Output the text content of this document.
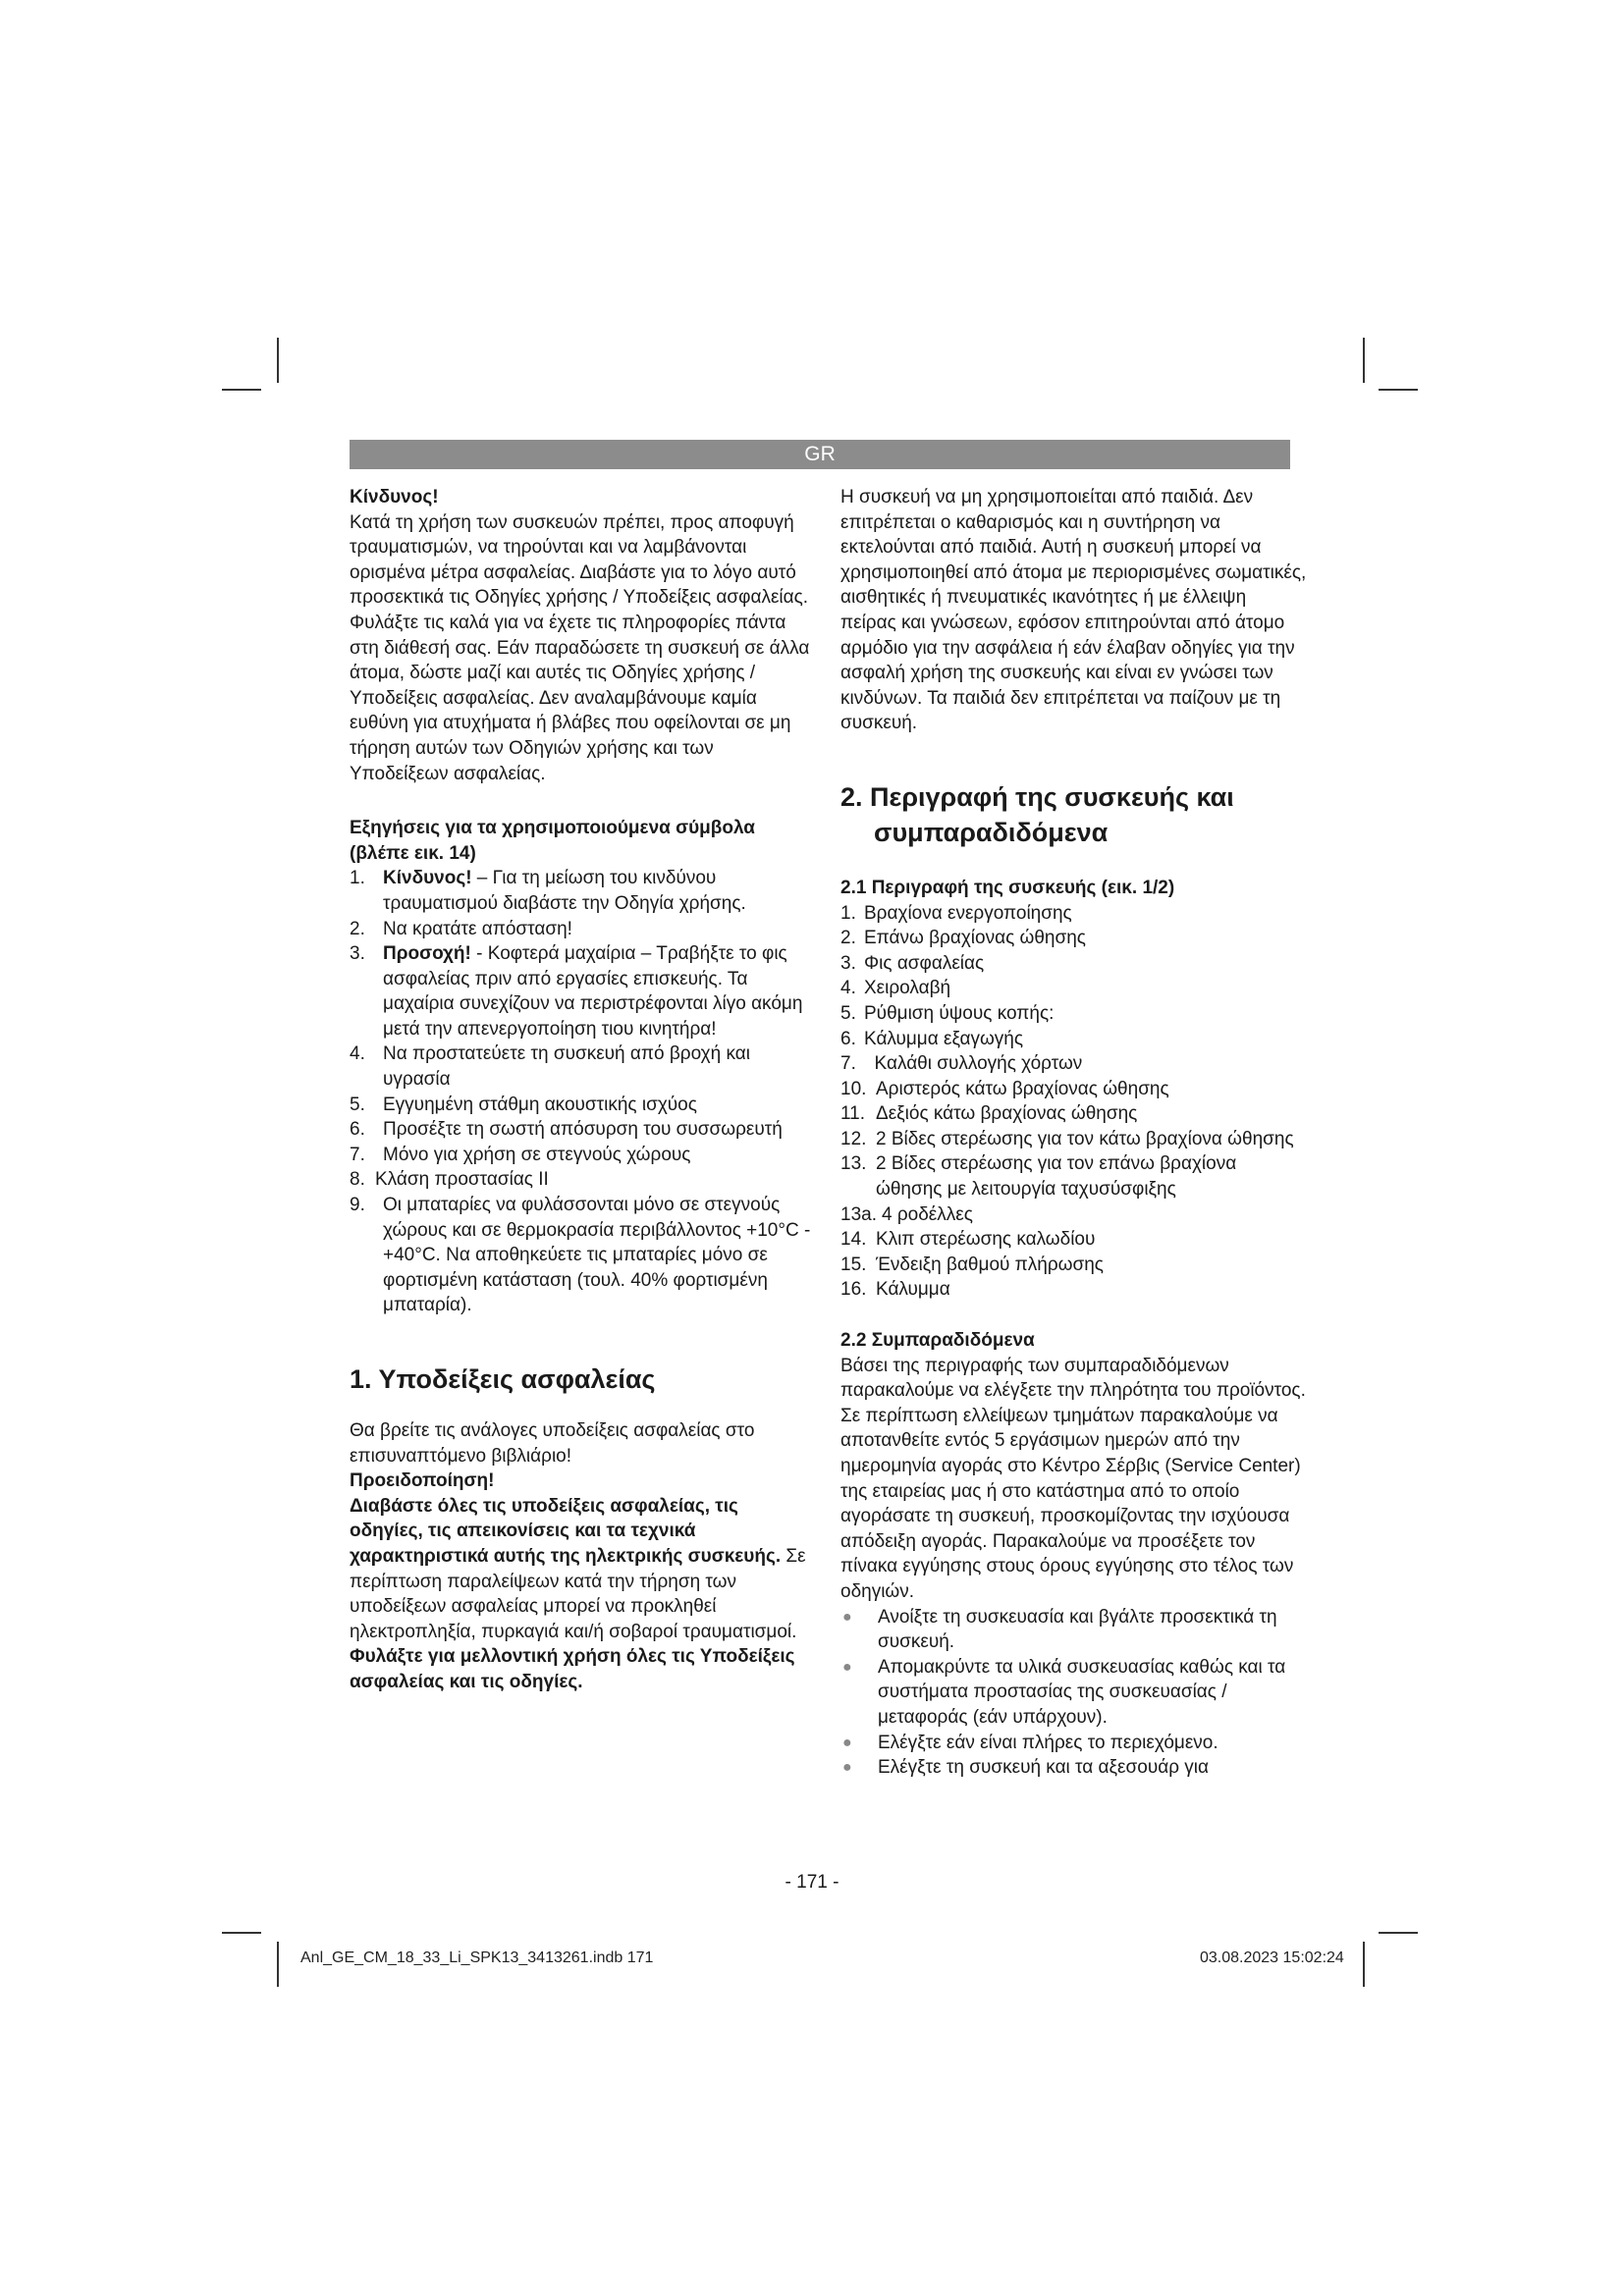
GR

Κίνδυνος!

Κατά τη χρήση των συσκευών πρέπει, προς αποφυγή τραυματισμών, να τηρούνται και να λαμβάνονται ορισμένα μέτρα ασφαλείας. Διαβάστε για το λόγο αυτό προσεκτικά τις Οδηγίες χρήσης / Υποδείξεις ασφαλείας. Φυλάξτε τις καλά για να έχετε τις πληροφορίες πάντα στη διάθεσή σας. Εάν παραδώσετε τη συσκευή σε άλλα άτομα, δώστε μαζί και αυτές τις Οδηγίες χρήσης / Υποδείξεις ασφαλείας. Δεν αναλαμβάνουμε καμία ευθύνη για ατυχήματα ή βλάβες που οφείλονται σε μη τήρηση αυτών των Οδηγιών χρήσης και των Υποδείξεων ασφαλείας.

Εξηγήσεις για τα χρησιμοποιούμενα σύμβολα (βλέπε εικ. 14)

1. Κίνδυνος! – Για τη μείωση του κινδύνου τραυματισμού διαβάστε την Οδηγία χρήσης.
2. Να κρατάτε απόσταση!
3. Προσοχή! - Κοφτερά μαχαίρια – Τραβήξτε το φις ασφαλείας πριν από εργασίες επισκευής. Τα μαχαίρια συνεχίζουν να περιστρέφονται λίγο ακόμη μετά την απενεργοποίηση τιου κινητήρα!
4. Να προστατεύετε τη συσκευή από βροχή και υγρασία
5. Εγγυημένη στάθμη ακουστικής ισχύος
6. Προσέξτε τη σωστή απόσυρση του συσσωρευτή
7. Μόνο για χρήση σε στεγνούς χώρους
8. Κλάση προστασίας II
9. Οι μπαταρίες να φυλάσσονται μόνο σε στεγνούς χώρους και σε θερμοκρασία περιβάλλοντος +10°C - +40°C. Να αποθηκεύετε τις μπαταρίες μόνο σε φορτισμένη κατάσταση (τουλ. 40% φορτισμένη μπαταρία).
1. Υποδείξεις ασφαλείας

Θα βρείτε τις ανάλογες υποδείξεις ασφαλείας στο επισυναπτόμενο βιβλιάριο!

Προειδοποίηση!

Διαβάστε όλες τις υποδείξεις ασφαλείας, τις οδηγίες, τις απεικονίσεις και τα τεχνικά χαρακτηριστικά αυτής της ηλεκτρικής συσκευής. Σε περίπτωση παραλείψεων κατά την τήρηση των υποδείξεων ασφαλείας μπορεί να προκληθεί ηλεκτροπληξία, πυρκαγιά και/ή σοβαροί τραυματισμοί.

Φυλάξτε για μελλοντική χρήση όλες τις Υποδείξεις ασφαλείας και τις οδηγίες.

Η συσκευή να μη χρησιμοποιείται από παιδιά. Δεν επιτρέπεται ο καθαρισμός και η συντήρηση να εκτελούνται από παιδιά. Αυτή η συσκευή μπορεί να χρησιμοποιηθεί από άτομα με περιορισμένες σωματικές, αισθητικές ή πνευματικές ικανότητες ή με έλλειψη πείρας και γνώσεων, εφόσον επιτηρούνται από άτομο αρμόδιο για την ασφάλεια ή εάν έλαβαν οδηγίες για την ασφαλή χρήση της συσκευής και είναι εν γνώσει των κινδύνων. Τα παιδιά δεν επιτρέπεται να παίζουν με τη συσκευή.

2. Περιγραφή της συσκευής και
συμπαραδιδόμενα

2.1 Περιγραφή της συσκευής (εικ. 1/2)

1. Βραχίονα ενεργοποίησης
2. Επάνω βραχίονας ώθησης
3. Φις ασφαλείας
4. Χειρολαβή
5. Ρύθμιση ύψους κοπής:
6. Κάλυμμα εξαγωγής
7. Καλάθι συλλογής χόρτων
10. Αριστερός κάτω βραχίονας ώθησης
11. Δεξιός κάτω βραχίονας ώθησης
12. 2 Βίδες στερέωσης για τον κάτω βραχίονα ώθησης
13. 2 Βίδες στερέωσης για τον επάνω βραχίονα ώθησης με λειτουργία ταχυσύσφιξης
13a. 4 ροδέλλες
14. Κλιπ στερέωσης καλωδίου
15. Ένδειξη βαθμού πλήρωσης
16. Κάλυμμα

2.2 Συμπαραδιδόμενα

Βάσει της περιγραφής των συμπαραδιδόμενων παρακαλούμε να ελέγξετε την πληρότητα του προϊόντος. Σε περίπτωση ελλείψεων τμημάτων παρακαλούμε να αποτανθείτε εντός 5 εργάσιμων ημερών από την ημερομηνία αγοράς στο Κέντρο Σέρβις (Service Center) της εταιρείας μας ή στο κατάστημα από το οποίο αγοράσατε τη συσκευή, προσκομίζοντας την ισχύουσα απόδειξη αγοράς. Παρακαλούμε να προσέξετε τον πίνακα εγγύησης στους όρους εγγύησης στο τέλος των οδηγιών.

●	Ανοίξτε τη συσκευασία και βγάλτε προσεκτικά τη συσκευή.
●	Απομακρύντε τα υλικά συσκευασίας καθώς και τα συστήματα προστασίας της συσκευασίας / μεταφοράς (εάν υπάρχουν).
●	Ελέγξτε εάν είναι πλήρες το περιεχόμενο.
●	Ελέγξτε τη συσκευή και τα αξεσουάρ για
- 171 -
Anl_GE_CM_18_33_Li_SPK13_3413261.indb 171	03.08.2023 15:02:24
